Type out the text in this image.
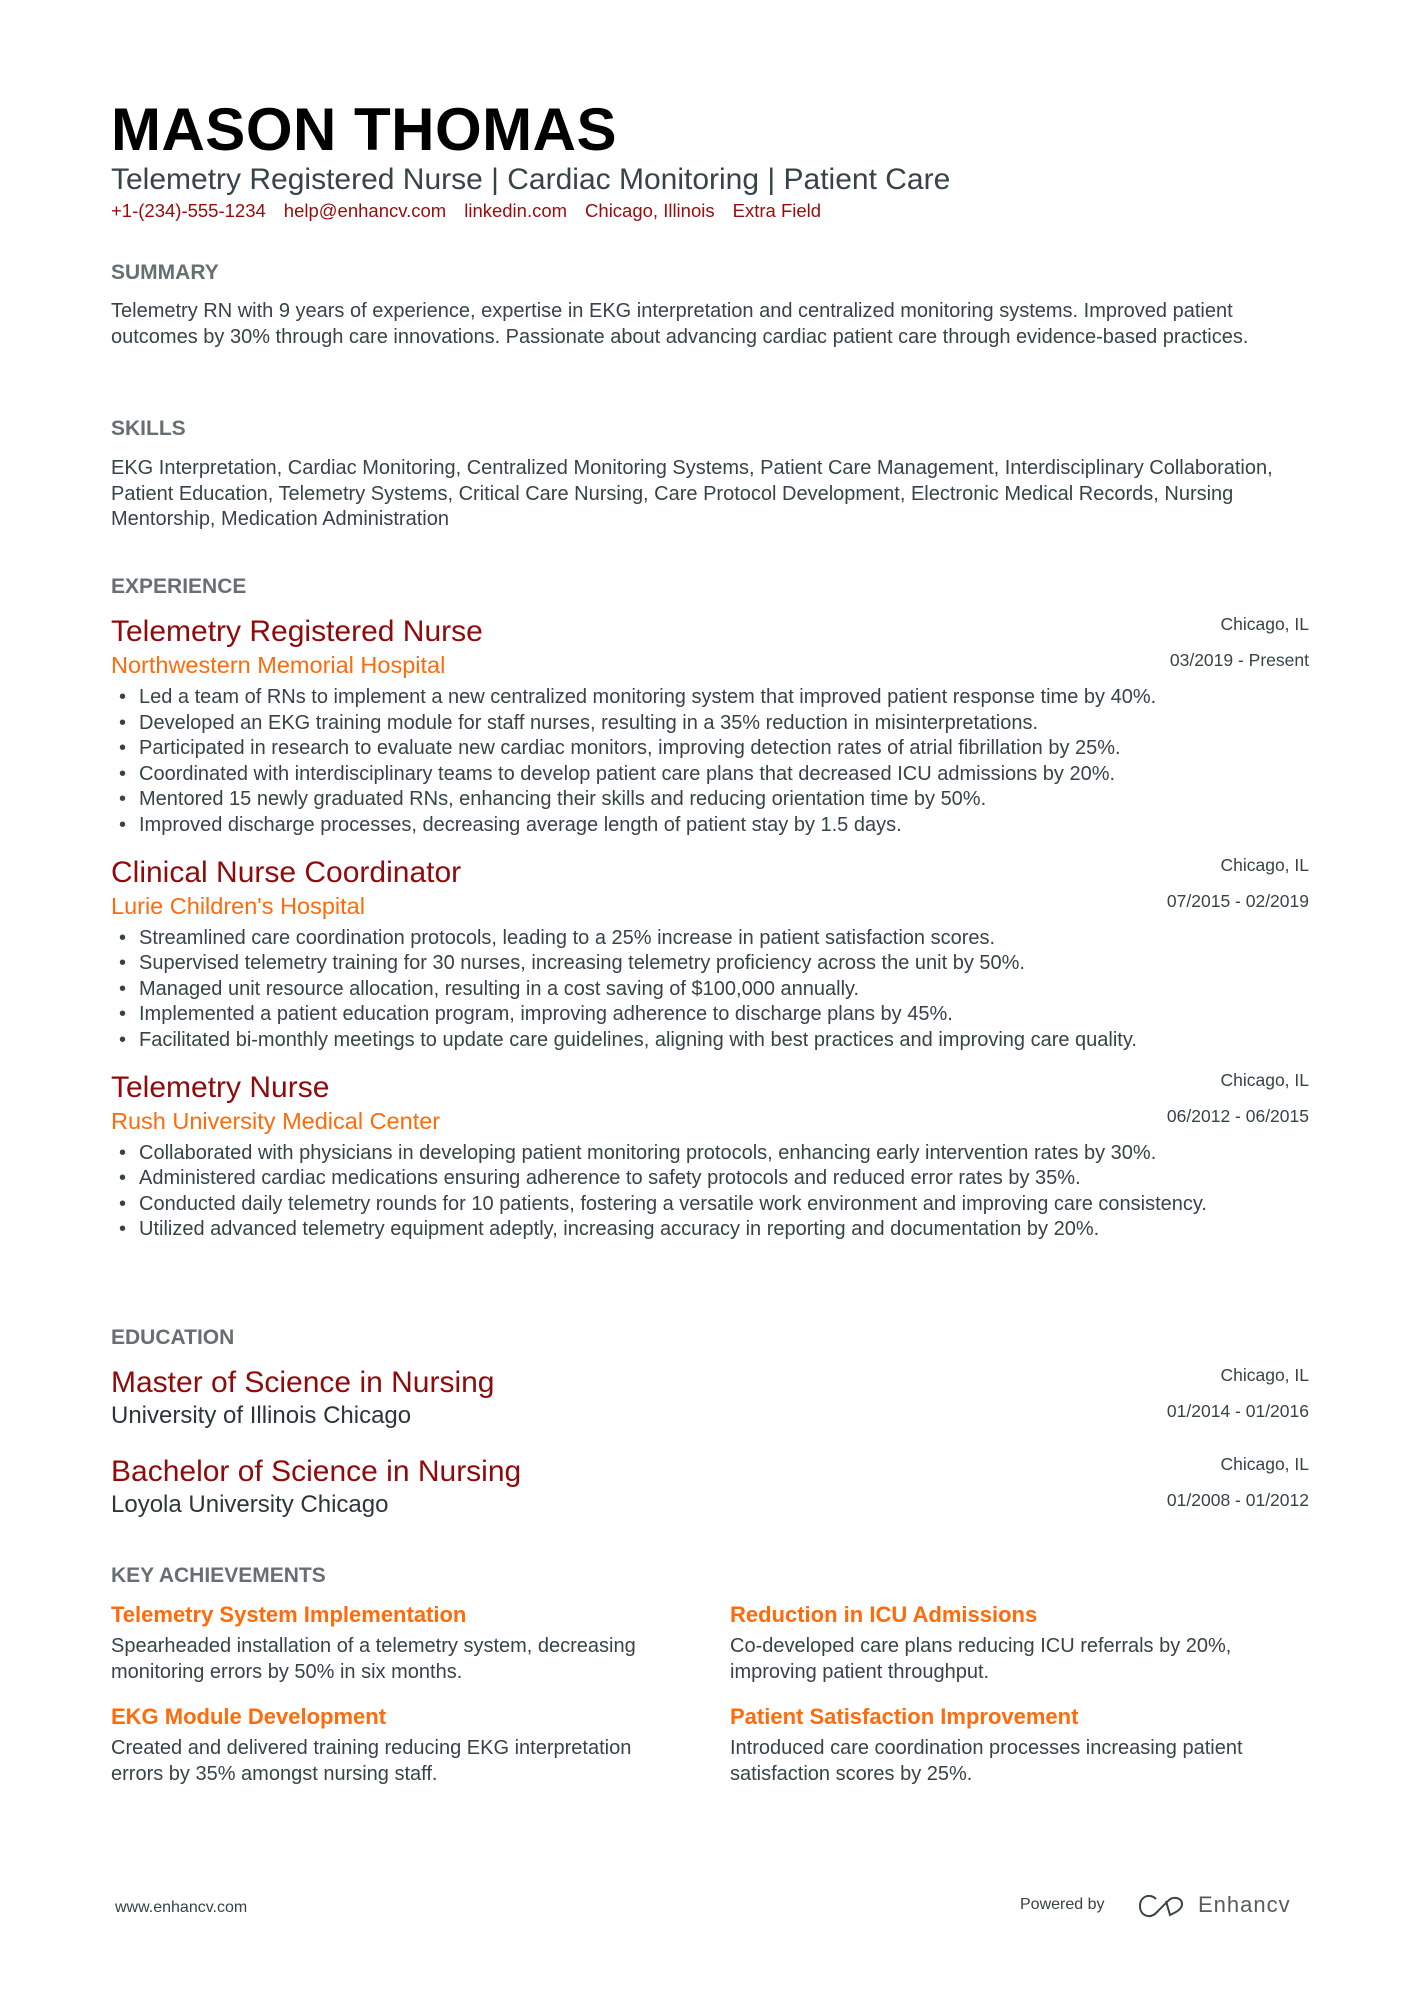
MASON THOMAS
Telemetry Registered Nurse | Cardiac Monitoring | Patient Care
+1-(234)-555-1234 help@enhancv.com linkedin.com Chicago, Illinois Extra Field
SUMMARY
Telemetry RN with 9 years of experience, expertise in EKG interpretation and centralized monitoring systems. Improved patient outcomes by 30% through care innovations. Passionate about advancing cardiac patient care through evidence-based practices.
SKILLS
EKG Interpretation, Cardiac Monitoring, Centralized Monitoring Systems, Patient Care Management, Interdisciplinary Collaboration, Patient Education, Telemetry Systems, Critical Care Nursing, Care Protocol Development, Electronic Medical Records, Nursing Mentorship, Medication Administration
EXPERIENCE
Telemetry Registered Nurse
Northwestern Memorial Hospital
Chicago, IL
03/2019 - Present
• Led a team of RNs to implement a new centralized monitoring system that improved patient response time by 40%.
• Developed an EKG training module for staff nurses, resulting in a 35% reduction in misinterpretations.
• Participated in research to evaluate new cardiac monitors, improving detection rates of atrial fibrillation by 25%.
• Coordinated with interdisciplinary teams to develop patient care plans that decreased ICU admissions by 20%.
• Mentored 15 newly graduated RNs, enhancing their skills and reducing orientation time by 50%.
• Improved discharge processes, decreasing average length of patient stay by 1.5 days.
Clinical Nurse Coordinator
Lurie Children's Hospital
Chicago, IL
07/2015 - 02/2019
• Streamlined care coordination protocols, leading to a 25% increase in patient satisfaction scores.
• Supervised telemetry training for 30 nurses, increasing telemetry proficiency across the unit by 50%.
• Managed unit resource allocation, resulting in a cost saving of $100,000 annually.
• Implemented a patient education program, improving adherence to discharge plans by 45%.
• Facilitated bi-monthly meetings to update care guidelines, aligning with best practices and improving care quality.
Telemetry Nurse
Rush University Medical Center
Chicago, IL
06/2012 - 06/2015
• Collaborated with physicians in developing patient monitoring protocols, enhancing early intervention rates by 30%.
• Administered cardiac medications ensuring adherence to safety protocols and reduced error rates by 35%.
• Conducted daily telemetry rounds for 10 patients, fostering a versatile work environment and improving care consistency.
• Utilized advanced telemetry equipment adeptly, increasing accuracy in reporting and documentation by 20%.
EDUCATION
Master of Science in Nursing
University of Illinois Chicago
Chicago, IL
01/2014 - 01/2016
Bachelor of Science in Nursing
Loyola University Chicago
Chicago, IL
01/2008 - 01/2012
KEY ACHIEVEMENTS
Telemetry System Implementation
Spearheaded installation of a telemetry system, decreasing monitoring errors by 50% in six months.
Reduction in ICU Admissions
Co-developed care plans reducing ICU referrals by 20%, improving patient throughput.
EKG Module Development
Created and delivered training reducing EKG interpretation errors by 35% amongst nursing staff.
Patient Satisfaction Improvement
Introduced care coordination processes increasing patient satisfaction scores by 25%.
www.enhancv.com	Powered by	Enhancv
